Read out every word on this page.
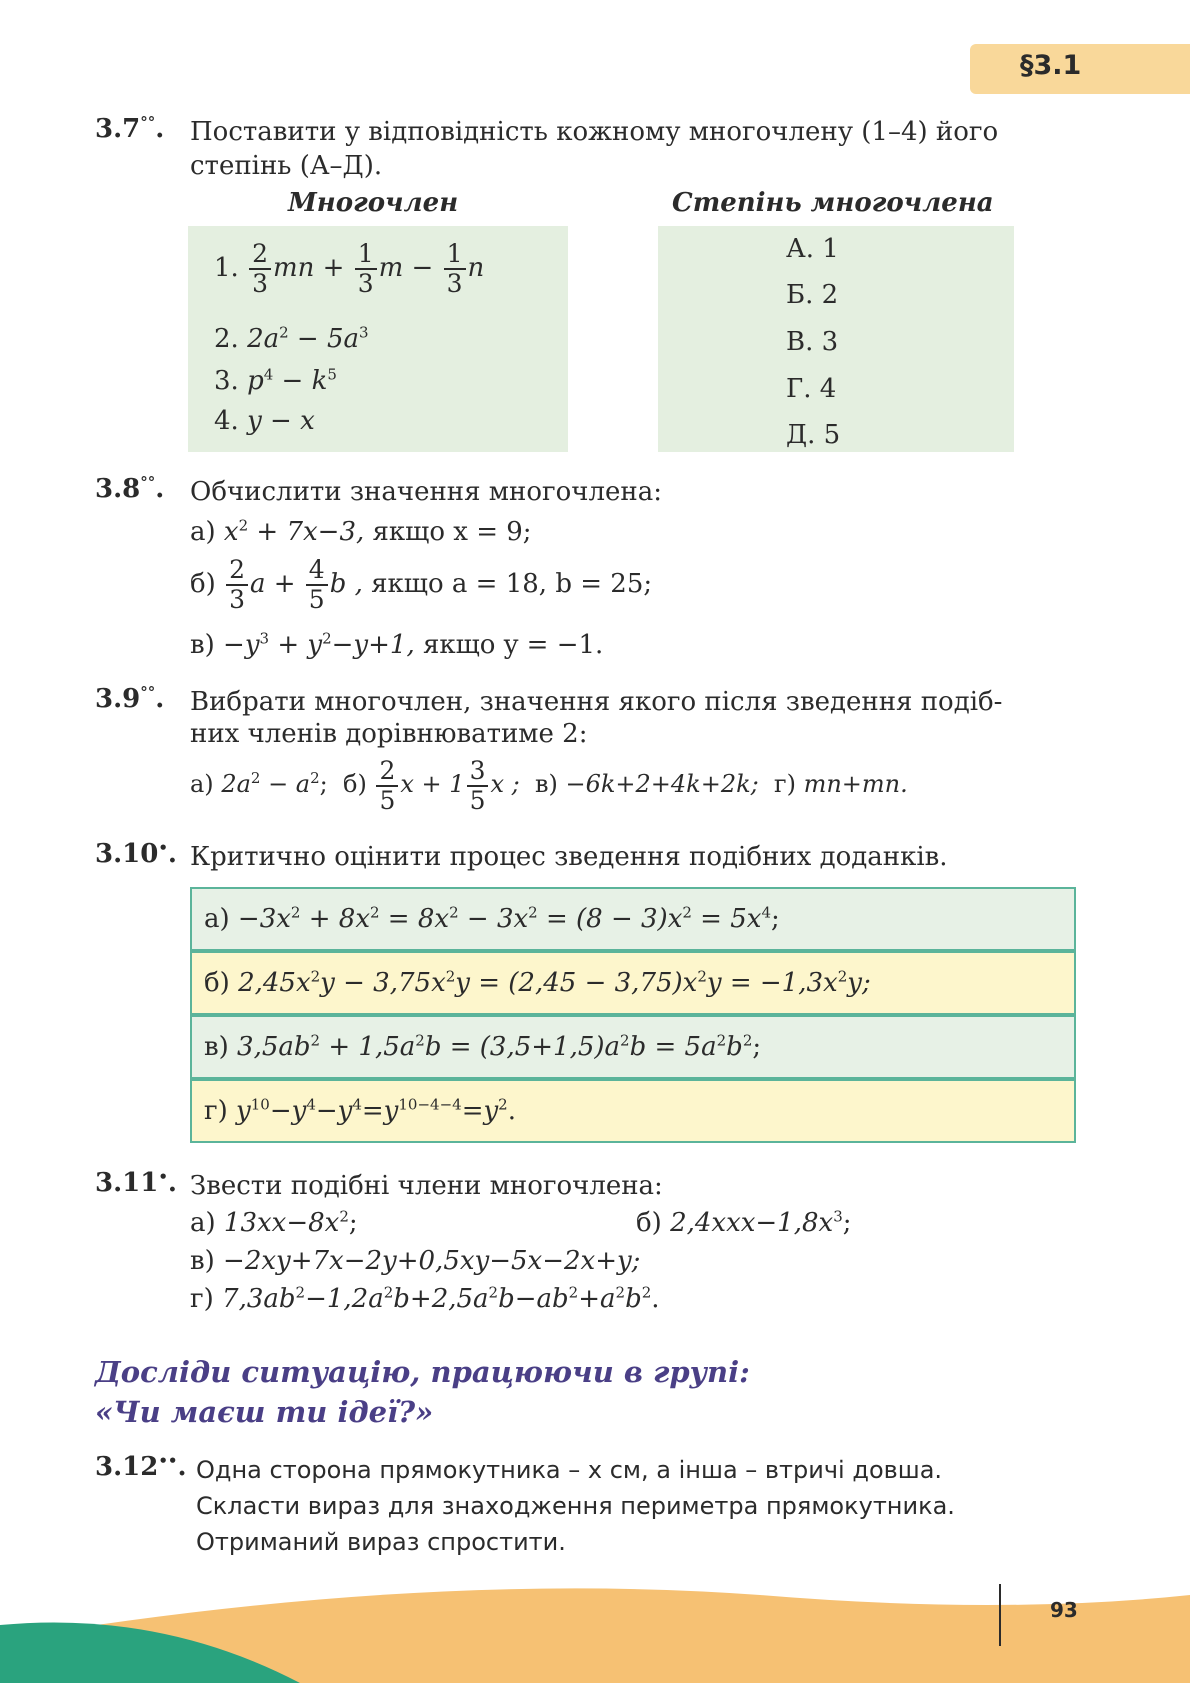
§3.1
3.7°°. Поставити у відповідність кожному многочлену (1–4) його
степінь (А–Д).
Многочлен	Степінь многочлена
1. $\frac{2}{3}$ mn + $\frac{1}{3}$ $m - \frac{1}{3}$ n
2. $2a^2 - 5a^3$
3. $p^4 - k^5$
4. y − x
А. 1
Б. 2
В. 3
Г. 4
Д. 5
3.8°°. Обчислити значення многочлена:
а) $x^2 + 7x-3$, якщо x = 9;
$б) \frac{2}{3}$ $a + \frac{4}{5}$ b , якщо a = 18, b = 25;
$в) -y^3 + y^2-y+1$, якщо y = −1.
3.9°°. Вибрати многочлен, значення якого після зведення подіб-
них членів дорівнюватиме 2:
а) $2a^2 - a^2$; $б) \frac{2}{5}$ $x + 1 \frac{3}{5}$ x ; в) −6k+2+4k+2k; г) mn+mn.
3.10•. Критично оцінити процес зведення подібних доданків.
$а) -3x^2 + 8x^2 = 8x^2 - 3x^2 = (8 - 3)x^2 = 5x^4$;
б) $2,45x^2y - 3,75x^2y = (2,45 - 3,75)x^2y = -1,3x^2y$;
в) $3,5ab^2 + 1,5a^2b = (3,5+1,5)a^2b = 5a^2b^2$;
г) $y^{10}-y^4-y^4=y^{10-4-4}=y^2$.
3.11•. Звести подібні члени многочлена:
а) $13xx-8x^2$;	б) $2,4xxx-1,8x^3$;
в) −2xy+7x−2y+0,5xy−5x−2x+y;
г) $7,3ab^2-1,2a^2b+2,5a^2b-ab^2+a^2b^2$.
Досліди ситуацію, працюючи в групі:
«Чи маєш ти ідеї?»
3.12••. Одна сторона прямокутника – x см, а інша – втричі довша.
Скласти вираз для знаходження периметра прямокутника.
Отриманий вираз спростити.
93
